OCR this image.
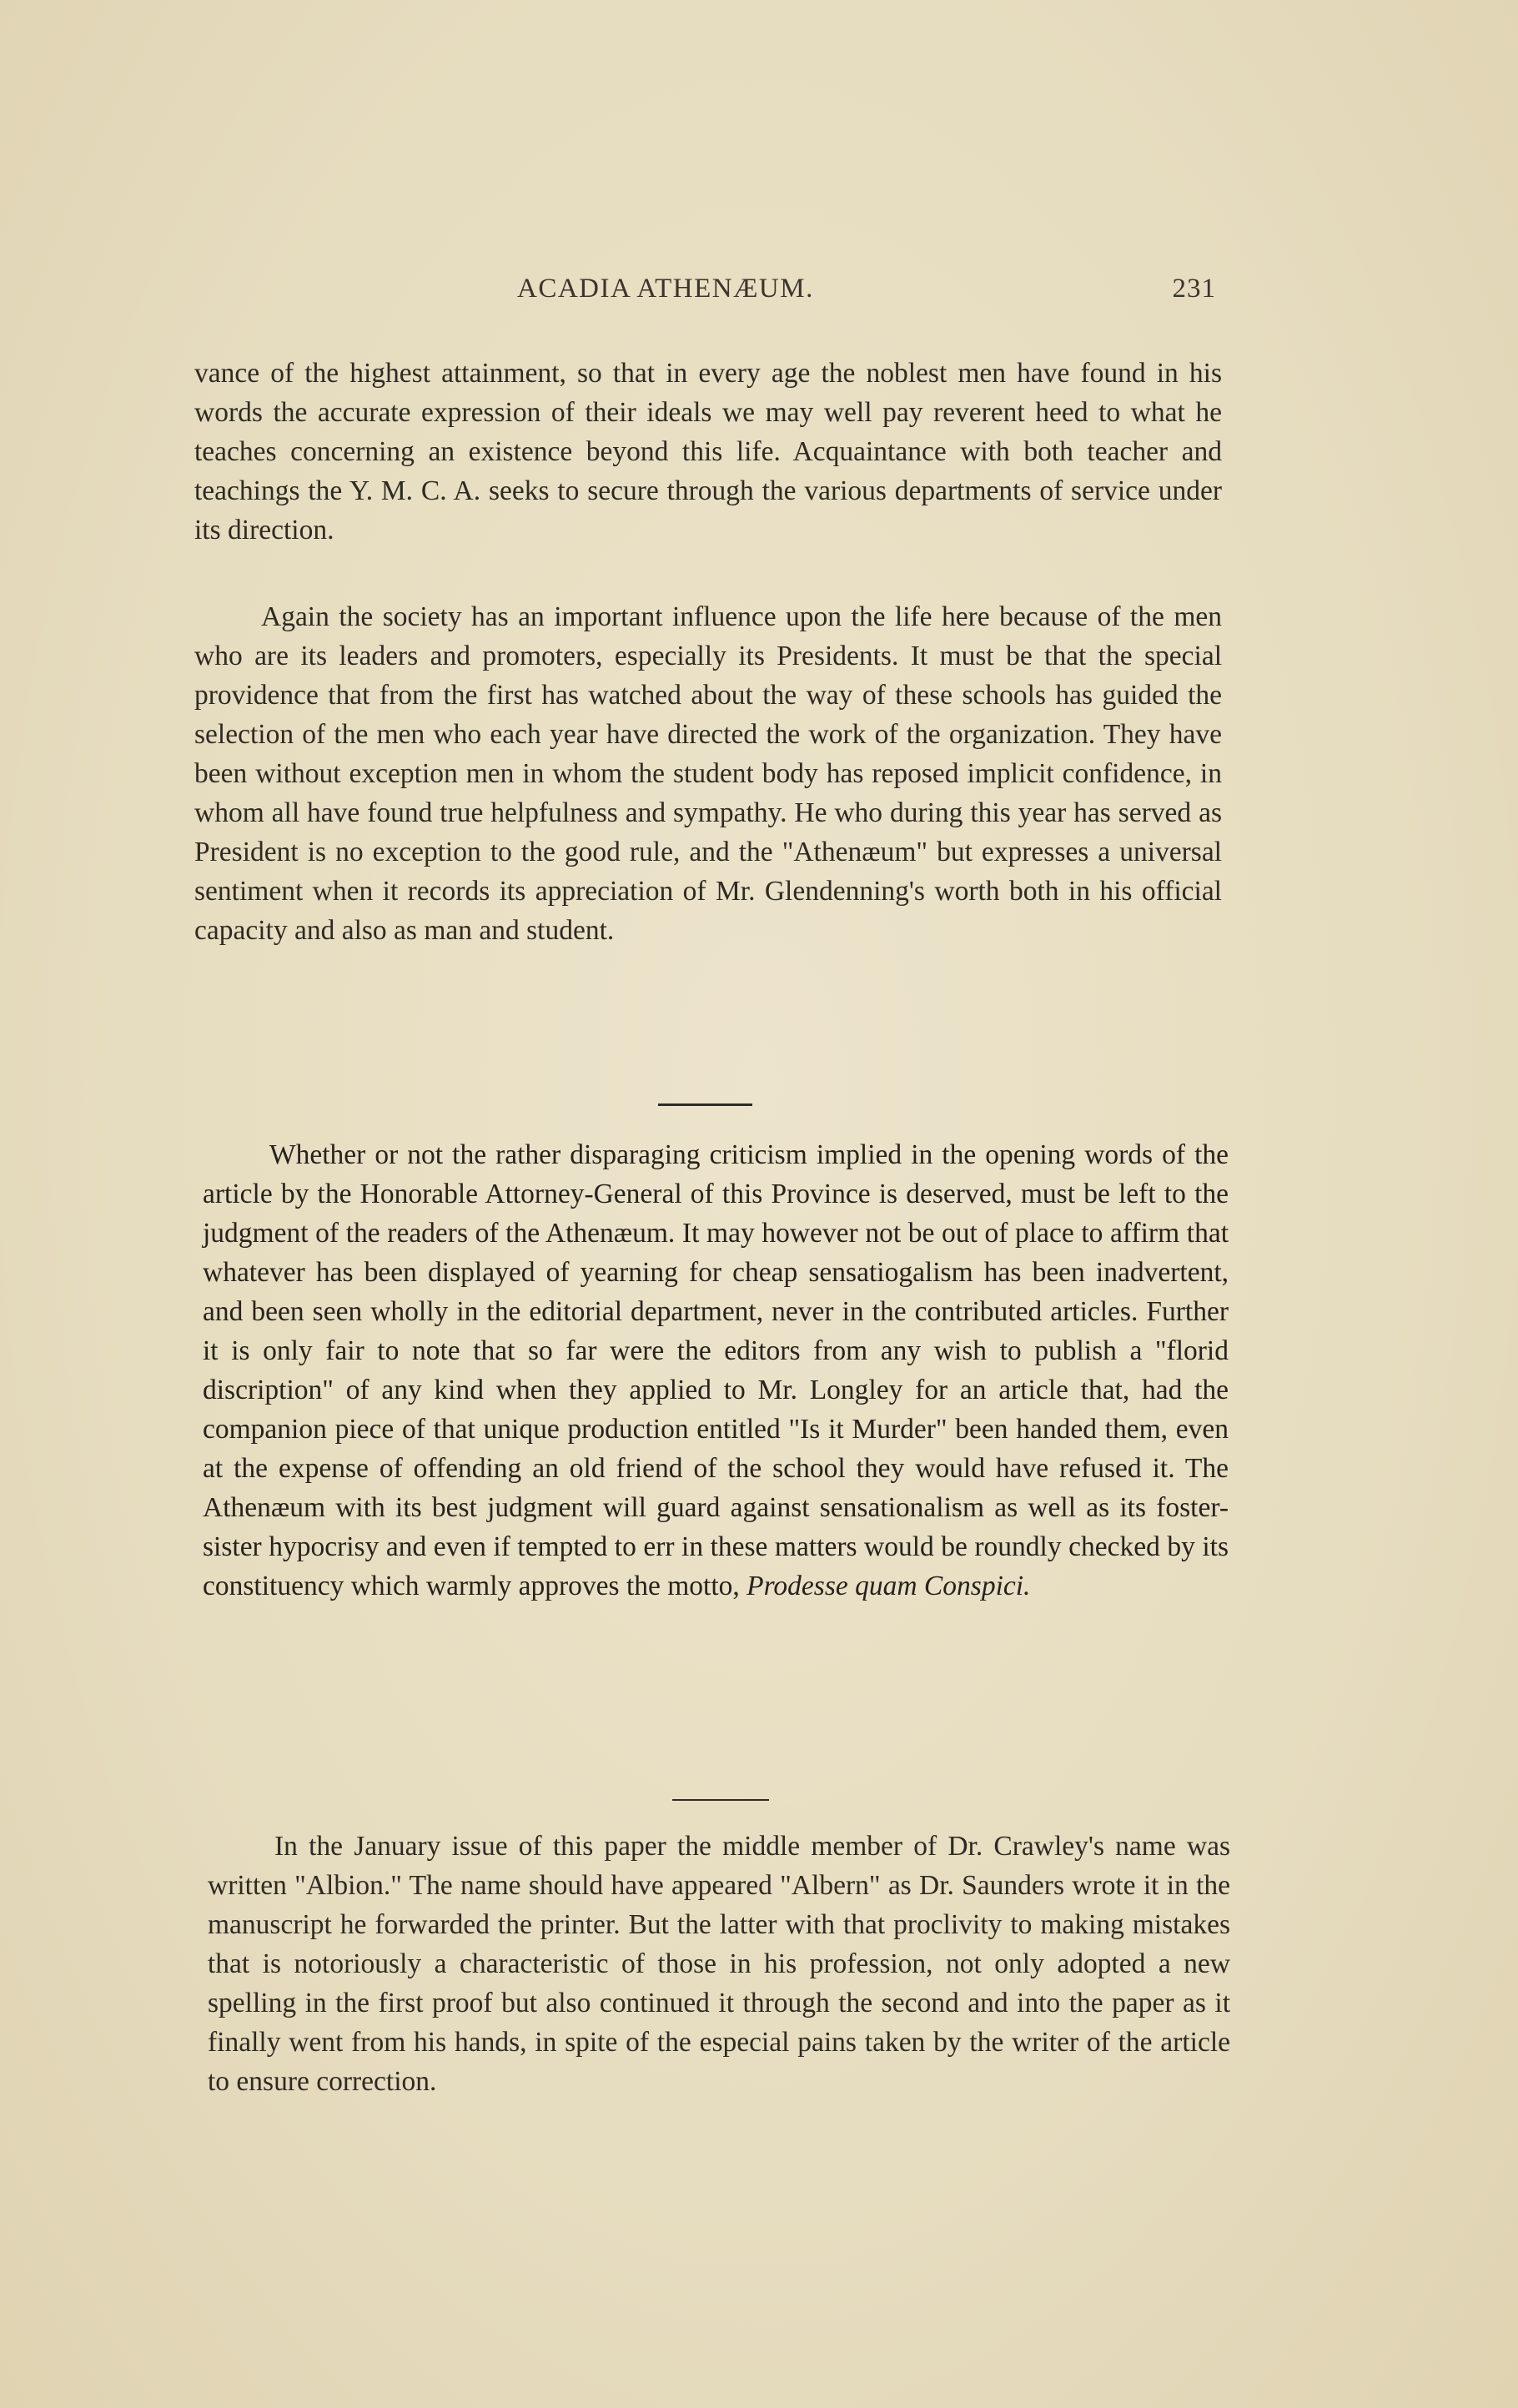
ACADIA ATHENÆUM.	231

vance of the highest attainment, so that in every age the noblest men have found in his words the accurate expression of their ideals we may well pay reverent heed to what he teaches concerning an existence beyond this life. Acquaintance with both teacher and teachings the Y. M. C. A. seeks to secure through the various departments of service under its direction.

Again the society has an important influence upon the life here because of the men who are its leaders and promoters, especially its Presidents. It must be that the special providence that from the first has watched about the way of these schools has guided the selection of the men who each year have directed the work of the organization. They have been without exception men in whom the student body has reposed implicit confidence, in whom all have found true helpfulness and sympathy. He who during this year has served as President is no exception to the good rule, and the "Athenæum" but expresses a universal sentiment when it records its appreciation of Mr. Glendenning's worth both in his official capacity and also as man and student.

Whether or not the rather disparaging criticism implied in the opening words of the article by the Honorable Attorney-General of this Province is deserved, must be left to the judgment of the readers of the Athenæum. It may however not be out of place to affirm that whatever has been displayed of yearning for cheap sensatiogalism has been inadvertent, and been seen wholly in the editorial department, never in the contributed articles. Further it is only fair to note that so far were the editors from any wish to publish a "florid discription" of any kind when they applied to Mr. Longley for an article that, had the companion piece of that unique production entitled "Is it Murder" been handed them, even at the expense of offending an old friend of the school they would have refused it. The Athenæum with its best judgment will guard against sensationalism as well as its foster-sister hypocrisy and even if tempted to err in these matters would be roundly checked by its constituency which warmly approves the motto, Prodesse quam Conspici.

In the January issue of this paper the middle member of Dr. Crawley's name was written "Albion." The name should have appeared "Albern" as Dr. Saunders wrote it in the manuscript he forwarded the printer. But the latter with that proclivity to making mistakes that is notoriously a characteristic of those in his profession, not only adopted a new spelling in the first proof but also continued it through the second and into the paper as it finally went from his hands, in spite of the especial pains taken by the writer of the article to ensure correction.
